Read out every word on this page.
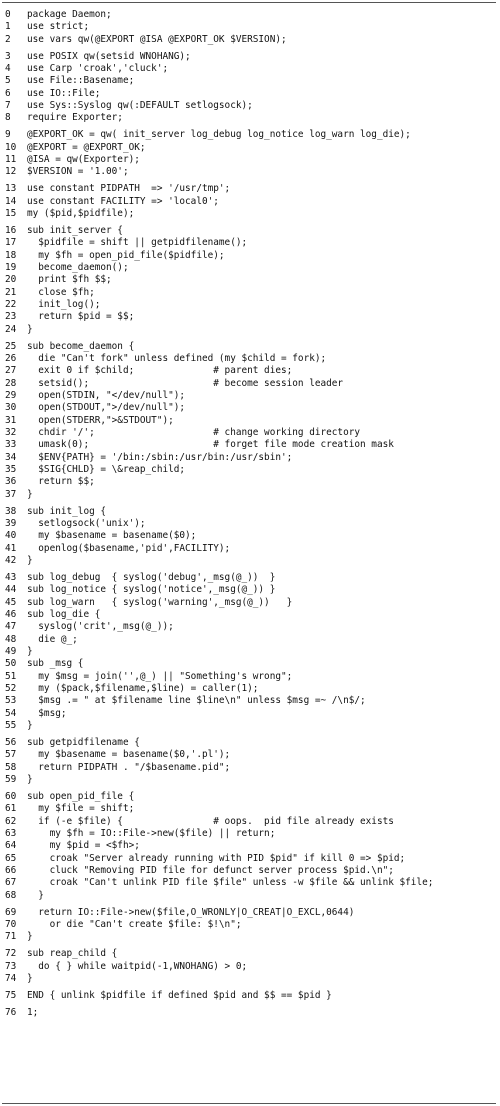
0	package Daemon;
1	use strict;
2	use vars qw(@EXPORT @ISA @EXPORT_OK $VERSION);
3	use POSIX qw(setsid WNOHANG);
4	use Carp 'croak','cluck';
5	use File::Basename;
6	use IO::File;
7	use Sys::Syslog qw(:DEFAULT setlogsock);
8	require Exporter;
9	@EXPORT_OK = qw( init_server log_debug log_notice log_warn log_die);
10	@EXPORT = @EXPORT_OK;
11	@ISA = qw(Exporter);
12	$VERSION = '1.00';
13	use constant PIDPATH  => '/usr/tmp';
14	use constant FACILITY => 'local0';
15	my ($pid,$pidfile);
16	sub init_server {
17	$pidfile = shift || getpidfilename();
18	my $fh = open_pid_file($pidfile);
19	become_daemon();
20	print $fh $$;
21	close $fh;
22	init_log();
23	return $pid = $$;
24	}
25	sub become_daemon {
26	die "Can't fork" unless defined (my $child = fork);
27	exit 0 if $child;              # parent dies;
28	setsid();                      # become session leader
29	open(STDIN, "</dev/null");
30	open(STDOUT,">/dev/null");
31	open(STDERR,">&STDOUT");
32	chdir '/';                     # change working directory
33	umask(0);                      # forget file mode creation mask
34	$ENV{PATH} = '/bin:/sbin:/usr/bin:/usr/sbin';
35	$SIG{CHLD} = \&reap_child;
36	return $$;
37	}
38	sub init_log {
39	setlogsock('unix');
40	my $basename = basename($0);
41	openlog($basename,'pid',FACILITY);
42	}
43	sub log_debug  { syslog('debug',_msg(@_))  }
44	sub log_notice { syslog('notice',_msg(@_)) }
45	sub log_warn   { syslog('warning',_msg(@_))   }
46	sub log_die {
47	syslog('crit',_msg(@_));
48	die @_;
49	}
50	sub _msg {
51	my $msg = join('',@_) || "Something's wrong";
52	my ($pack,$filename,$line) = caller(1);
53	$msg .= " at $filename line $line\n" unless $msg =~ /\n$/;
54	$msg;
55	}
56	sub getpidfilename {
57	my $basename = basename($0,'.pl');
58	return PIDPATH . "/$basename.pid";
59	}
60	sub open_pid_file {
61	my $file = shift;
62	if (-e $file) {                # oops.  pid file already exists
63	my $fh = IO::File->new($file) || return;
64	my $pid = <$fh>;
65	croak "Server already running with PID $pid" if kill 0 => $pid;
66	cluck "Removing PID file for defunct server process $pid.\n";
67	croak "Can't unlink PID file $file" unless -w $file && unlink $file;
68	}
69	return IO::File->new($file,O_WRONLY|O_CREAT|O_EXCL,0644)
70	or die "Can't create $file: $!\n";
71	}
72	sub reap_child {
73	do { } while waitpid(-1,WNOHANG) > 0;
74	}
75	END { unlink $pidfile if defined $pid and $$ == $pid }
76	1;
